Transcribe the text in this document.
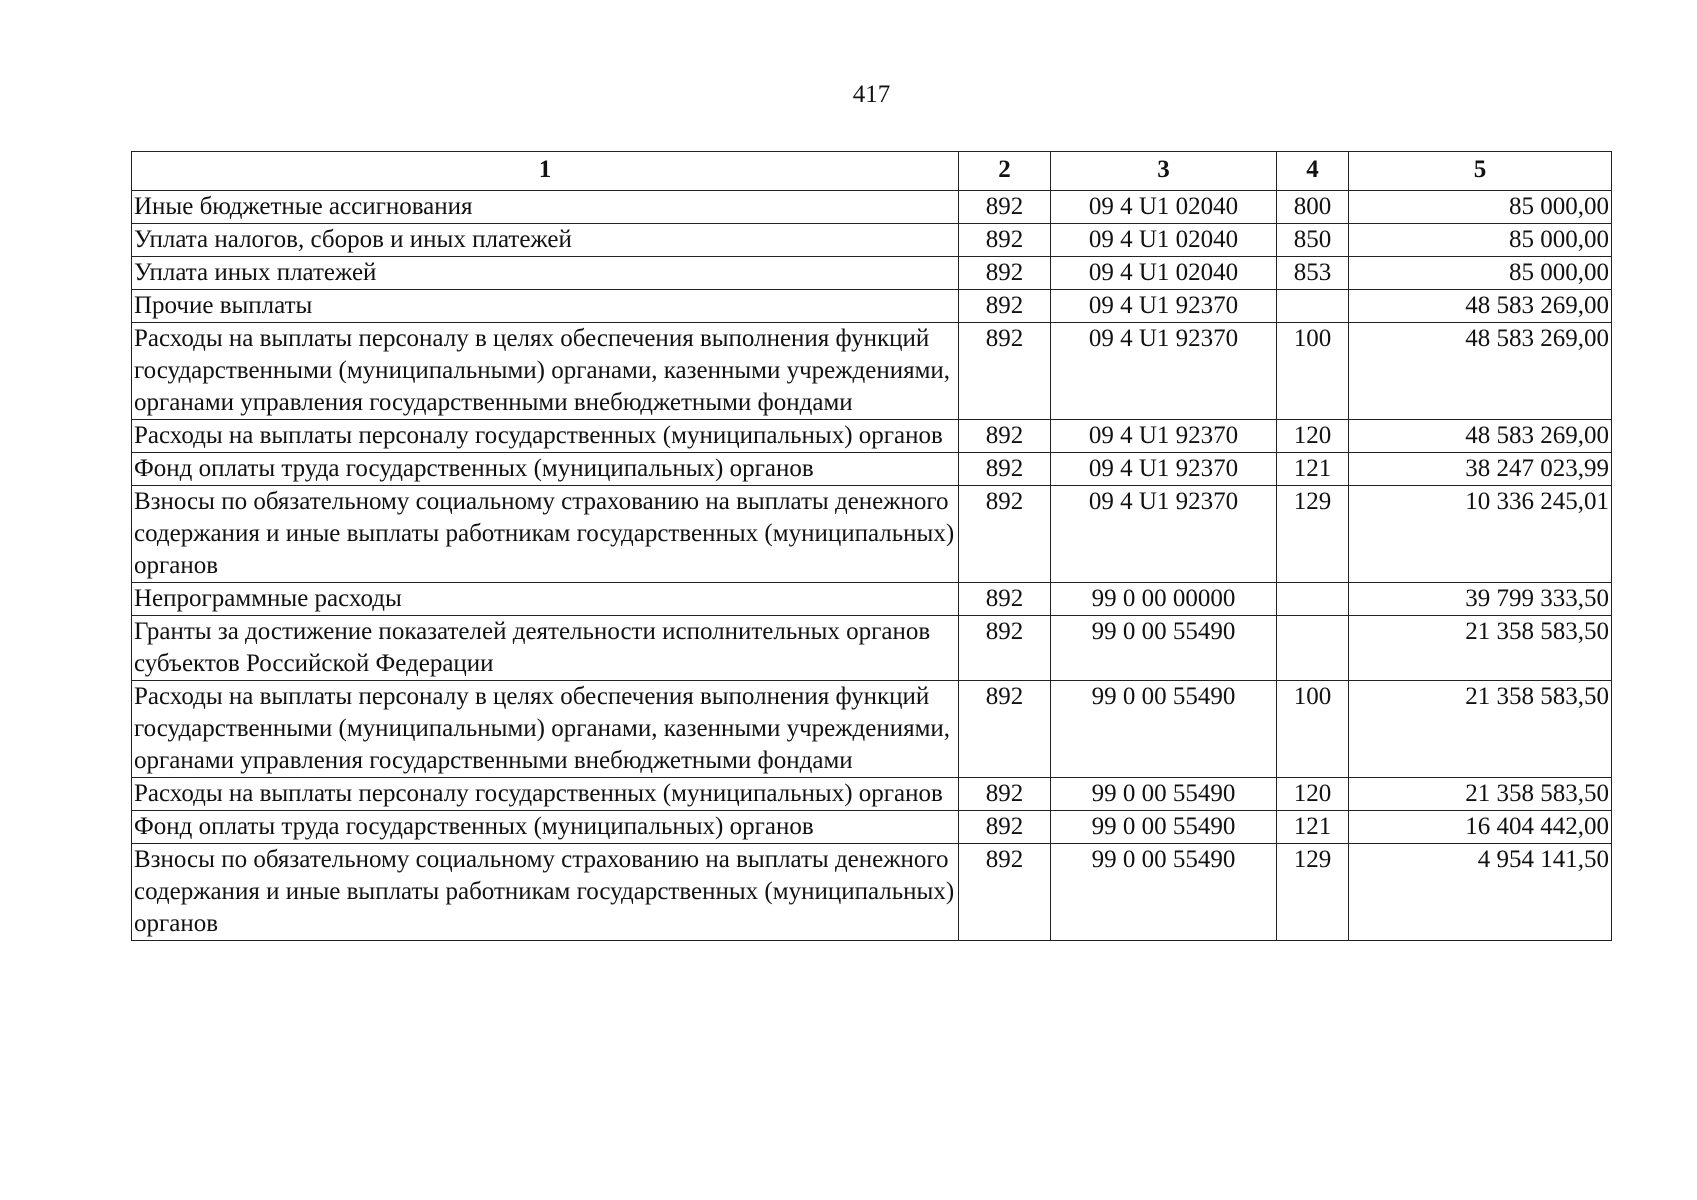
417
1	2	3	4	5
Иные бюджетные ассигнования	892	09 4 U1 02040	800	85 000,00
Уплата налогов, сборов и иных платежей	892	09 4 U1 02040	850	85 000,00
Уплата иных платежей	892	09 4 U1 02040	853	85 000,00
Прочие выплаты	892	09 4 U1 92370		48 583 269,00
Расходы на выплаты персоналу в целях обеспечения выполнения функций государственными (муниципальными) органами, казенными учреждениями, органами управления государственными внебюджетными фондами	892	09 4 U1 92370	100	48 583 269,00
Расходы на выплаты персоналу государственных (муниципальных) органов	892	09 4 U1 92370	120	48 583 269,00
Фонд оплаты труда государственных (муниципальных) органов	892	09 4 U1 92370	121	38 247 023,99
Взносы по обязательному социальному страхованию на выплаты денежного содержания и иные выплаты работникам государственных (муниципальных) органов	892	09 4 U1 92370	129	10 336 245,01
Непрограммные расходы	892	99 0 00 00000		39 799 333,50
Гранты за достижение показателей деятельности исполнительных органов субъектов Российской Федерации	892	99 0 00 55490		21 358 583,50
Расходы на выплаты персоналу в целях обеспечения выполнения функций государственными (муниципальными) органами, казенными учреждениями, органами управления государственными внебюджетными фондами	892	99 0 00 55490	100	21 358 583,50
Расходы на выплаты персоналу государственных (муниципальных) органов	892	99 0 00 55490	120	21 358 583,50
Фонд оплаты труда государственных (муниципальных) органов	892	99 0 00 55490	121	16 404 442,00
Взносы по обязательному социальному страхованию на выплаты денежного содержания и иные выплаты работникам государственных (муниципальных) органов	892	99 0 00 55490	129	4 954 141,50
